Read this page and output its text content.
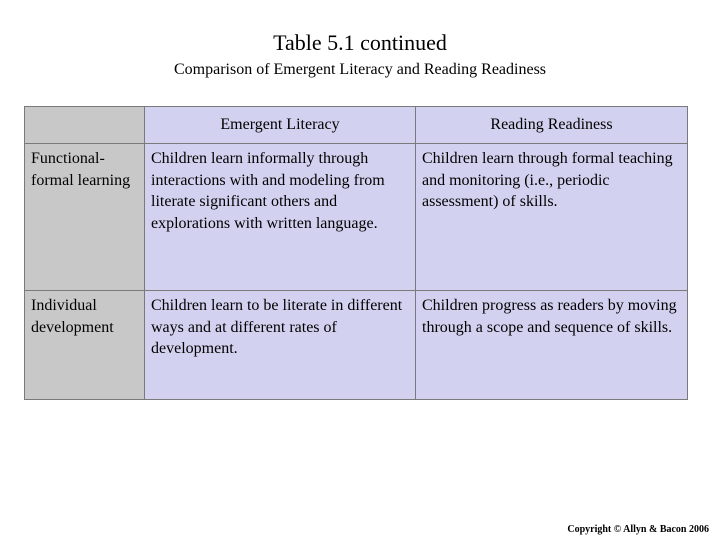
Table 5.1 continued
Comparison of Emergent Literacy and Reading Readiness
	Emergent Literacy	Reading Readiness
Functional-formal learning	Children learn informally through interactions with and modeling from literate significant others and explorations with written language.	Children learn through formal teaching and monitoring (i.e., periodic assessment) of skills.
Individual development	Children learn to be literate in different ways and at different rates of development.	Children progress as readers by moving through a scope and sequence of skills.
Copyright © Allyn & Bacon 2006
